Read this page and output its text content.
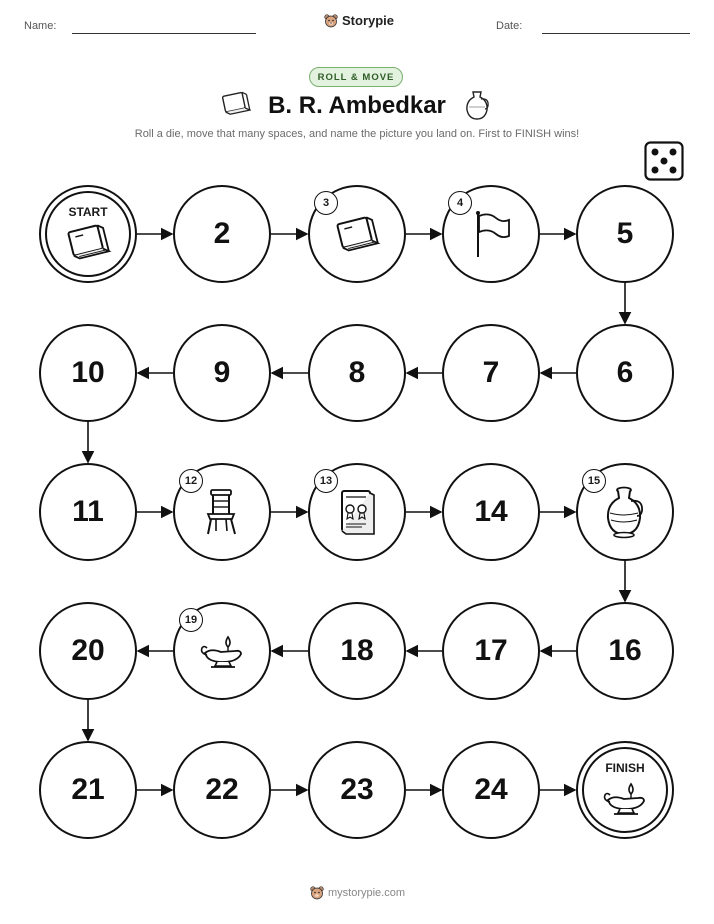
Name:	Storypie	Date:
ROLL & MOVE
B. R. Ambedkar
Roll a die, move that many spaces, and name the picture you land on. First to FINISH wins!
START
2
3	4
5
6
7
8
9
10
11
12	13
14
15
16
17
18
19
20
21	22	23	24
FINISH
mystorypie.com
